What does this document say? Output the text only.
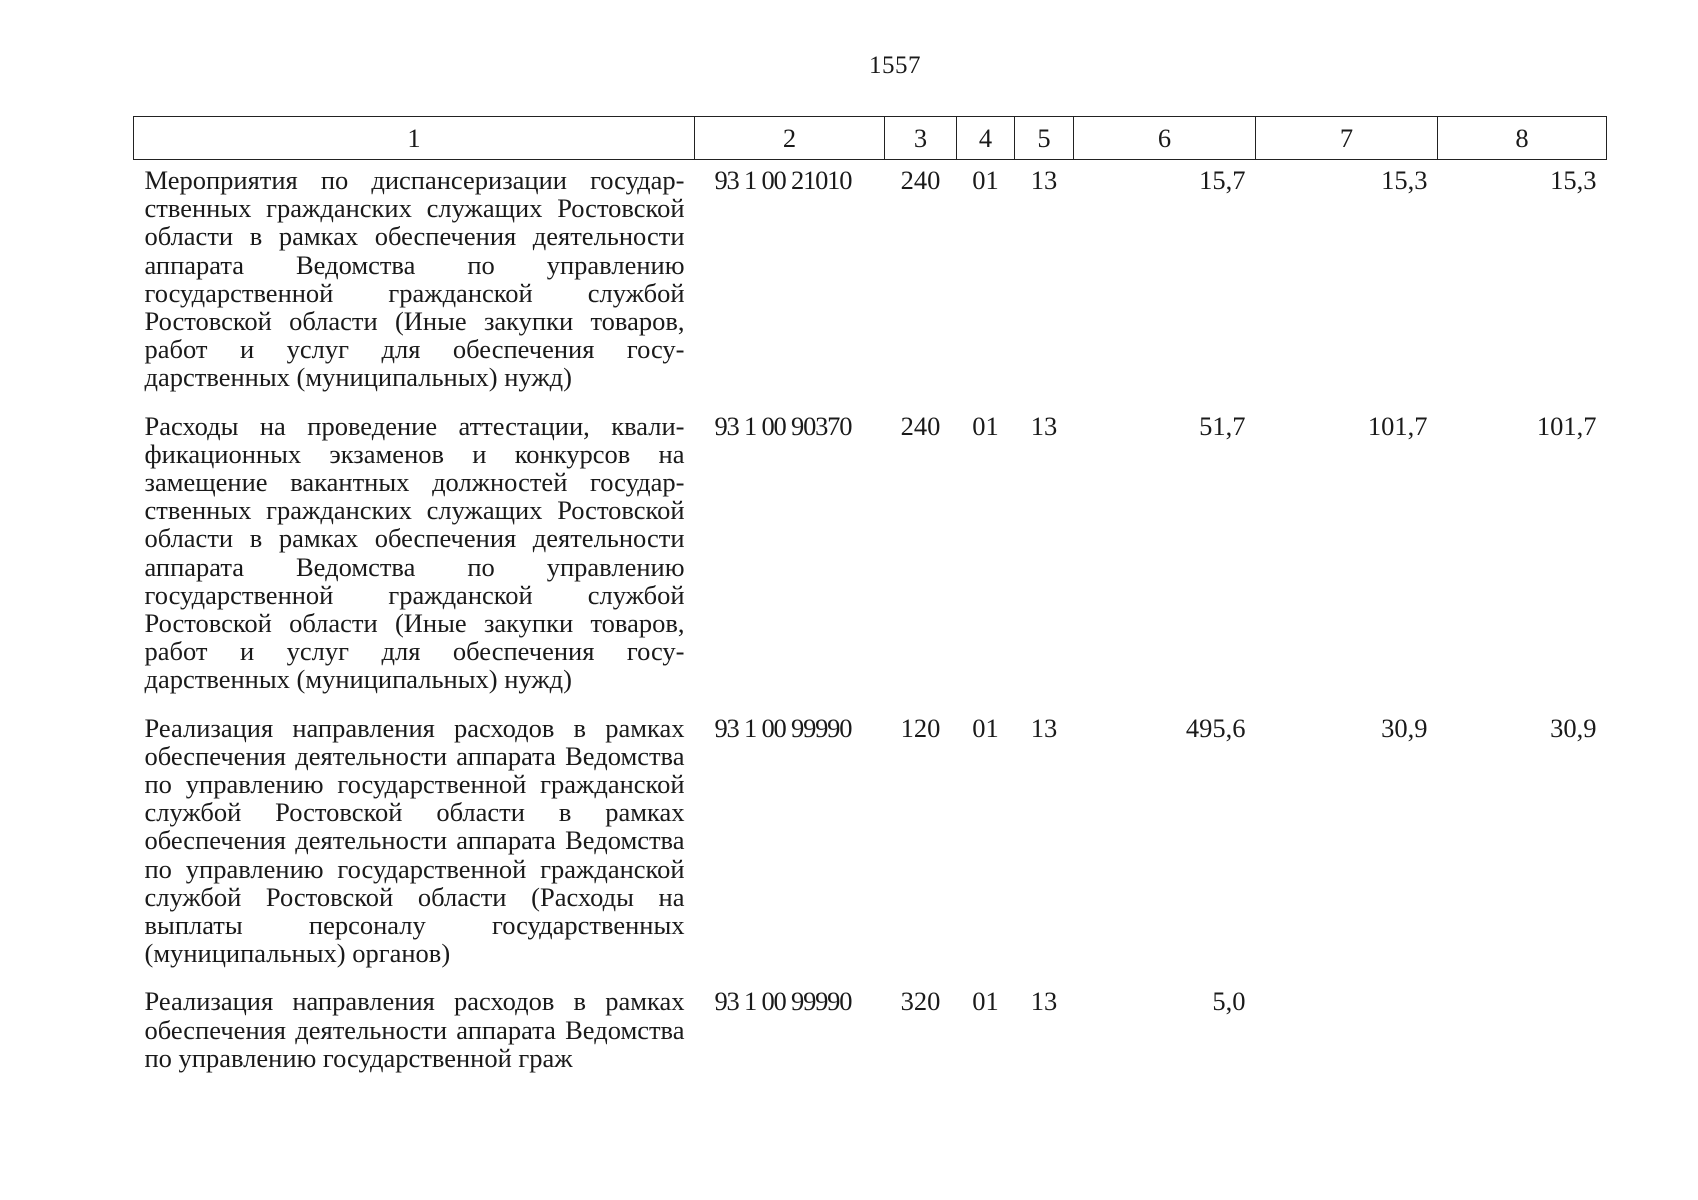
1557
1	2	3	4	5	6	7	8
Мероприятия по диспансеризации государственных гражданских служащих Ростовской области в рамках обеспечения деятельности аппарата Ведомства по управлению государственной гражданской службой Ростовской области (Иные закупки товаров, работ и услуг для обеспечения государственных (муниципальных) нужд)	93 1 00 21010	240	01	13	15,7	15,3	15,3
Расходы на проведение аттестации, квалификационных экзаменов и конкурсов на замещение вакантных должностей государственных гражданских служащих Ростовской области в рамках обеспечения деятельности аппарата Ведомства по управлению государственной гражданской службой Ростовской области (Иные закупки товаров, работ и услуг для обеспечения государственных (муниципальных) нужд)	93 1 00 90370	240	01	13	51,7	101,7	101,7
Реализация направления расходов в рамках обеспечения деятельности аппарата Ведомства по управлению государственной гражданской службой Ростовской области в рамках обеспечения деятельности аппарата Ведомства по управлению государственной гражданской службой Ростовской области (Расходы на выплаты персоналу государственных (муниципальных) органов)	93 1 00 99990	120	01	13	495,6	30,9	30,9
Реализация направления расходов в рамках обеспечения деятельности аппарата Ведомства по управлению государственной граж	93 1 00 99990	320	01	13	5,0		
